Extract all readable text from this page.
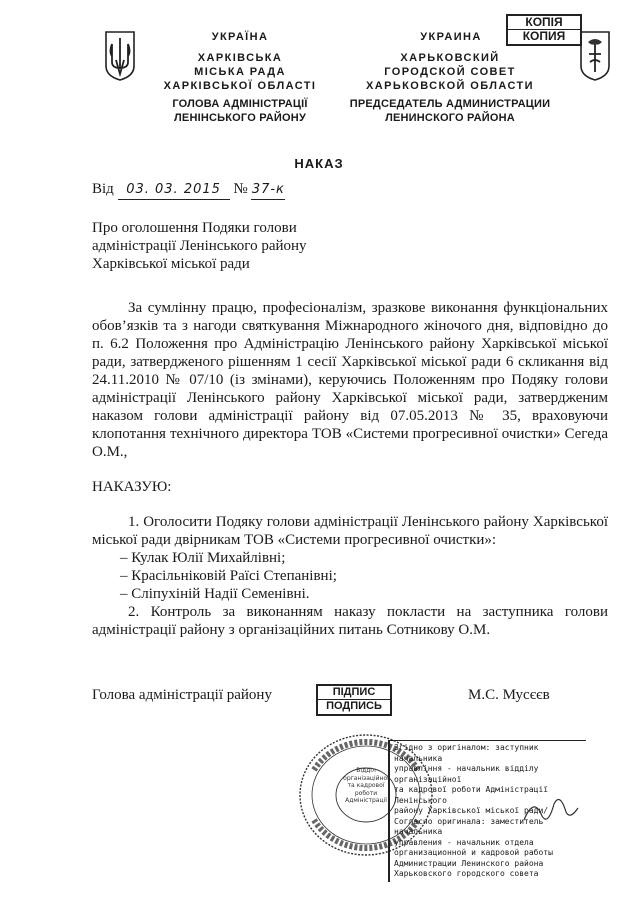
УКРАЇНА
ХАРКІВСЬКА
МІСЬКА РАДА
ХАРКІВСЬКОЇ ОБЛАСТІ
ГОЛОВА АДМІНІСТРАЦІЇ
ЛЕНІНСЬКОГО РАЙОНУ
УКРАИНА
ХАРЬКОВСКИЙ
ГОРОДСКОЙ СОВЕТ
ХАРЬКОВСКОЙ ОБЛАСТИ
ПРЕДСЕДАТЕЛЬ АДМИНИСТРАЦИИ
ЛЕНИНСКОГО РАЙОНА
КОПІЯ
КОПИЯ
НАКАЗ
Від 03. 03. 2015 № 37-к
Про оголошення Подяки голови
адміністрації Ленінського району
Харківської міської ради
За сумлінну працю, професіоналізм, зразкове виконання функціональних обов’язків та з нагоди святкування Міжнародного жіночого дня, відповідно до п. 6.2 Положення про Адміністрацію Ленінського району Харківської міської ради, затвердженого рішенням 1 сесії Харківської міської ради 6 скликання від 24.11.2010 № 07/10 (із змінами), керуючись Положенням про Подяку голови адміністрації Ленінського району Харківської міської ради, затвердженим наказом голови адміністрації району від 07.05.2013 № 35, враховуючи клопотання технічного директора ТОВ «Системи прогресивної очистки» Сегеда О.М.,
НАКАЗУЮ:
1. Оголосити Подяку голови адміністрації Ленінського району Харківської міської ради двірникам ТОВ «Системи прогресивної очистки»:
– Кулак Юлії Михайлівні;
– Красільніковій Раїсі Степанівні;
– Сліпухіній Надії Семенівні.
2. Контроль за виконанням наказу покласти на заступника голови адміністрації району з організаційних питань Сотникову О.М.
Голова адміністрації району	ПІДПИС
ПОДПИСЬ
М.С. Мусєєв
Відділ
організаційної
та кадрової
роботи
Адміністрації
Згідно з оригіналом: заступник начальника
управління - начальник відділу організаційної
та кадрової роботи Адміністрації Ленінського
району Харківської міської ради/
Согласно оригинала: заместитель начальника
управления - начальник отдела
организационной и кадровой работы
Администрации Ленинского района
Харьковского городского совета
